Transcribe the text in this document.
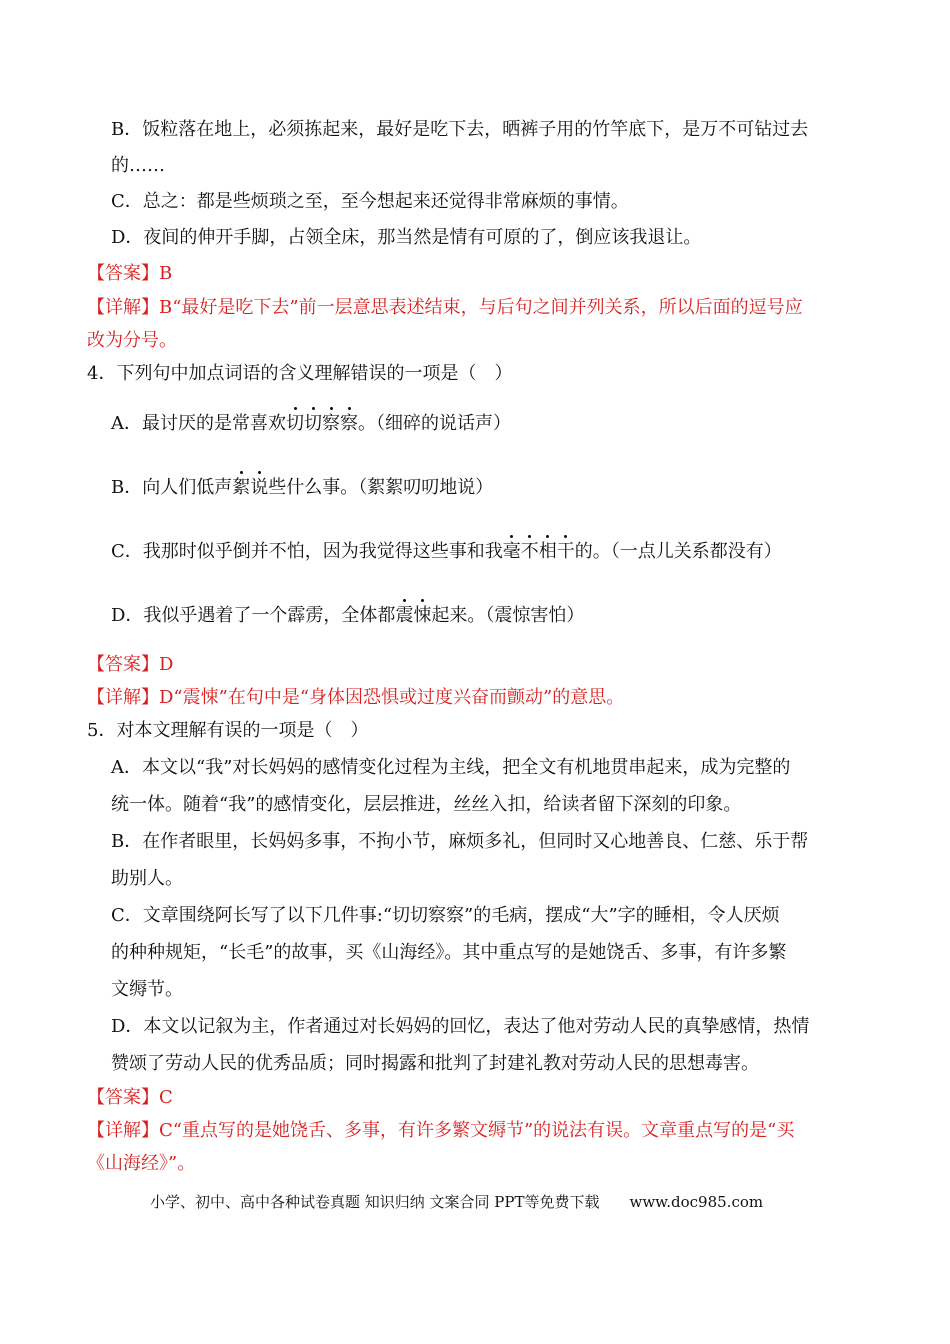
B．饭粒落在地上，必须拣起来，最好是吃下去，晒裤子用的竹竿底下，是万不可钻过去
的……
C．总之：都是些烦琐之至，至今想起来还觉得非常麻烦的事情。
D．夜间的伸开手脚，占领全床，那当然是情有可原的了，倒应该我退让。
【答案】B
【详解】B“最好是吃下去”前一层意思表述结束，与后句之间并列关系，所以后面的逗号应
改为分号。
4．下列句中加点词语的含义理解错误的一项是（　）
A．最讨厌的是常喜欢切切察察。（细碎的说话声）
B．向人们低声絮说些什么事。（絮絮叨叨地说）
C．我那时似乎倒并不怕，因为我觉得这些事和我毫不相干的。（一点儿关系都没有）
D．我似乎遇着了一个霹雳，全体都震悚起来。（震惊害怕）
【答案】D
【详解】D“震悚”在句中是“身体因恐惧或过度兴奋而颤动”的意思。
5．对本文理解有误的一项是（　）
A．本文以“我”对长妈妈的感情变化过程为主线，把全文有机地贯串起来，成为完整的
统一体。随着“我”的感情变化，层层推进，丝丝入扣，给读者留下深刻的印象。
B．在作者眼里，长妈妈多事，不拘小节，麻烦多礼，但同时又心地善良、仁慈、乐于帮
助别人。
C．文章围绕阿长写了以下几件事:“切切察察”的毛病，摆成“大”字的睡相，令人厌烦
的种种规矩，“长毛”的故事，买《山海经》。其中重点写的是她饶舌、多事，有许多繁
文缛节。
D．本文以记叙为主，作者通过对长妈妈的回忆，表达了他对劳动人民的真挚感情，热情
赞颂了劳动人民的优秀品质；同时揭露和批判了封建礼教对劳动人民的思想毒害。
【答案】C
【详解】C“重点写的是她饶舌、多事，有许多繁文缛节”的说法有误。文章重点写的是“买
《山海经》”。
小学、初中、高中各种试卷真题 知识归纳 文案合同 PPT等免费下载 www.doc985.com
